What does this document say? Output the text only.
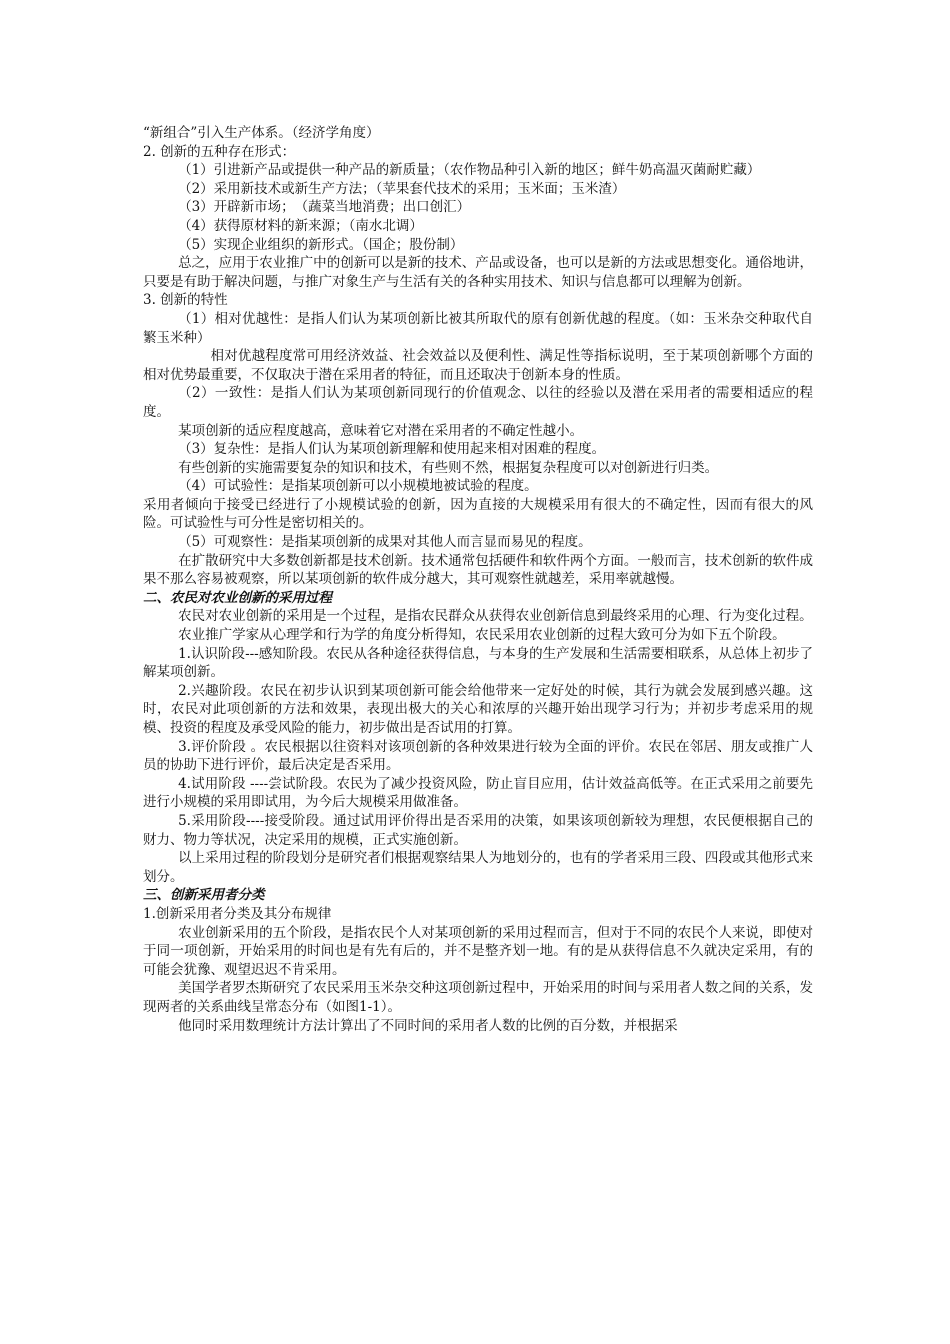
“新组合”引入生产体系。（经济学角度）

2. 创新的五种存在形式：

（1）引进新产品或提供一种产品的新质量；（农作物品种引入新的地区；鲜牛奶高温灭菌耐贮藏）

（2）采用新技术或新生产方法；（苹果套代技术的采用；玉米面；玉米渣）

（3）开辟新市场；　（蔬菜当地消费；出口创汇）

（4）获得原材料的新来源；（南水北调）

（5）实现企业组织的新形式。（国企；股份制）

总之，应用于农业推广中的创新可以是新的技术、产品或设备，也可以是新的方法或思想变化。通俗地讲，只要是有助于解决问题，与推广对象生产与生活有关的各种实用技术、知识与信息都可以理解为创新。

3. 创新的特性

（1）相对优越性：是指人们认为某项创新比被其所取代的原有创新优越的程度。（如：玉米杂交种取代自繁玉米种）

相对优越程度常可用经济效益、社会效益以及便利性、满足性等指标说明，至于某项创新哪个方面的相对优势最重要，不仅取决于潜在采用者的特征，而且还取决于创新本身的性质。

（2）一致性：是指人们认为某项创新同现行的价值观念、以往的经验以及潜在采用者的需要相适应的程度。

某项创新的适应程度越高，意味着它对潜在采用者的不确定性越小。

（3）复杂性：是指人们认为某项创新理解和使用起来相对困难的程度。

有些创新的实施需要复杂的知识和技术，有些则不然，根据复杂程度可以对创新进行归类。

（4）可试验性：是指某项创新可以小规模地被试验的程度。

采用者倾向于接受已经进行了小规模试验的创新，因为直接的大规模采用有很大的不确定性，因而有很大的风险。可试验性与可分性是密切相关的。

（5）可观察性：是指某项创新的成果对其他人而言显而易见的程度。

在扩散研究中大多数创新都是技术创新。技术通常包括硬件和软件两个方面。一般而言，技术创新的软件成果不那么容易被观察，所以某项创新的软件成分越大，其可观察性就越差，采用率就越慢。

二、农民对农业创新的采用过程

农民对农业创新的采用是一个过程，是指农民群众从获得农业创新信息到最终采用的心理、行为变化过程。

农业推广学家从心理学和行为学的角度分析得知，农民采用农业创新的过程大致可分为如下五个阶段。

1.认识阶段---感知阶段。农民从各种途径获得信息，与本身的生产发展和生活需要相联系，从总体上初步了解某项创新。

2.兴趣阶段。农民在初步认识到某项创新可能会给他带来一定好处的时候，其行为就会发展到感兴趣。这时，农民对此项创新的方法和效果，表现出极大的关心和浓厚的兴趣开始出现学习行为；并初步考虑采用的规模、投资的程度及承受风险的能力，初步做出是否试用的打算。

3.评价阶段 。农民根据以往资料对该项创新的各种效果进行较为全面的评价。农民在邻居、朋友或推广人员的协助下进行评价，最后决定是否采用。

4.试用阶段 ----尝试阶段。农民为了减少投资风险，防止盲目应用，估计效益高低等。在正式采用之前要先进行小规模的采用即试用，为今后大规模采用做准备。

5.采用阶段----接受阶段。通过试用评价得出是否采用的决策，如果该项创新较为理想，农民便根据自己的财力、物力等状况，决定采用的规模，正式实施创新。

以上采用过程的阶段划分是研究者们根据观察结果人为地划分的，也有的学者采用三段、四段或其他形式来划分。

三、创新采用者分类

1.创新采用者分类及其分布规律

农业创新采用的五个阶段，是指农民个人对某项创新的采用过程而言，但对于不同的农民个人来说，即使对于同一项创新，开始采用的时间也是有先有后的，并不是整齐划一地。有的是从获得信息不久就决定采用，有的可能会犹豫、观望迟迟不肯采用。

美国学者罗杰斯研究了农民采用玉米杂交种这项创新过程中，开始采用的时间与采用者人数之间的关系，发现两者的关系曲线呈常态分布（如图1-1）。

他同时采用数理统计方法计算出了不同时间的采用者人数的比例的百分数，并根据采
